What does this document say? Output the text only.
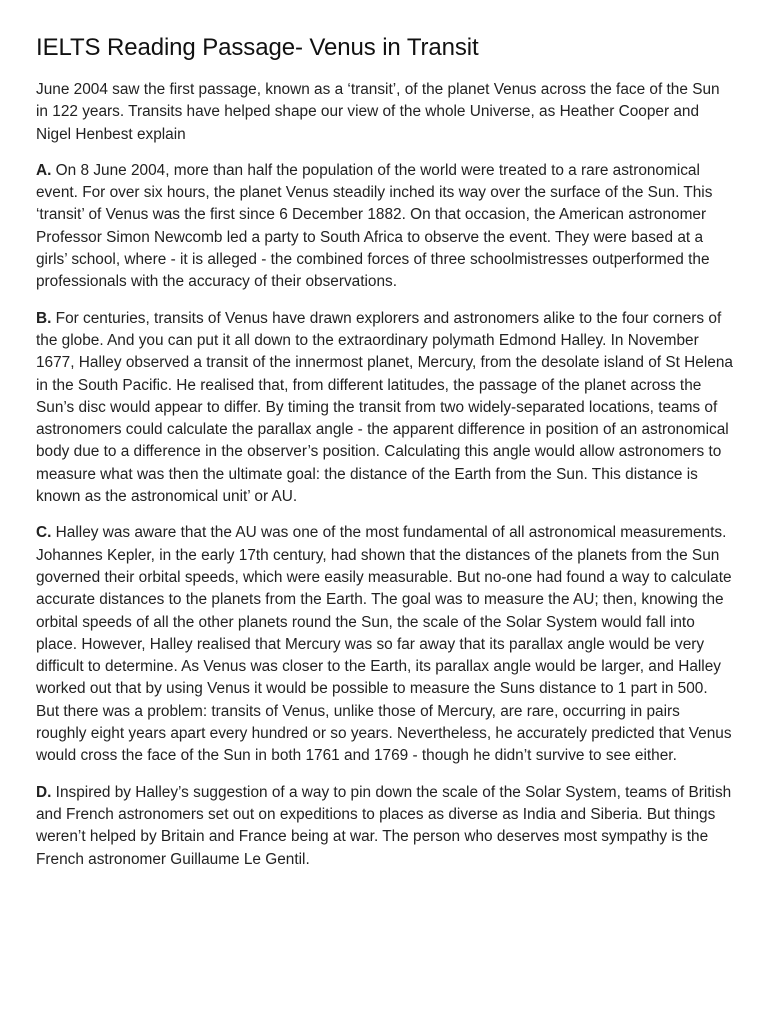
IELTS Reading Passage- Venus in Transit

June 2004 saw the first passage, known as a ‘transit’, of the planet Venus across the face of the Sun in 122 years. Transits have helped shape our view of the whole Universe, as Heather Cooper and Nigel Henbest explain

A. On 8 June 2004, more than half the population of the world were treated to a rare astronomical event. For over six hours, the planet Venus steadily inched its way over the surface of the Sun. This ‘transit’ of Venus was the first since 6 December 1882. On that occasion, the American astronomer Professor Simon Newcomb led a party to South Africa to observe the event. They were based at a girls’ school, where - it is alleged - the combined forces of three schoolmistresses outperformed the professionals with the accuracy of their observations.

B. For centuries, transits of Venus have drawn explorers and astronomers alike to the four corners of the globe. And you can put it all down to the extraordinary polymath Edmond Halley. In November 1677, Halley observed a transit of the innermost planet, Mercury, from the desolate island of St Helena in the South Pacific. He realised that, from different latitudes, the passage of the planet across the Sun’s disc would appear to differ. By timing the transit from two widely-separated locations, teams of astronomers could calculate the parallax angle - the apparent difference in position of an astronomical body due to a difference in the observer’s position. Calculating this angle would allow astronomers to measure what was then the ultimate goal: the distance of the Earth from the Sun. This distance is known as the astronomical unit’ or AU.

C. Halley was aware that the AU was one of the most fundamental of all astronomical measurements. Johannes Kepler, in the early 17th century, had shown that the distances of the planets from the Sun governed their orbital speeds, which were easily measurable. But no-one had found a way to calculate accurate distances to the planets from the Earth. The goal was to measure the AU; then, knowing the orbital speeds of all the other planets round the Sun, the scale of the Solar System would fall into place. However, Halley realised that Mercury was so far away that its parallax angle would be very difficult to determine. As Venus was closer to the Earth, its parallax angle would be larger, and Halley worked out that by using Venus it would be possible to measure the Suns distance to 1 part in 500. But there was a problem: transits of Venus, unlike those of Mercury, are rare, occurring in pairs roughly eight years apart every hundred or so years. Nevertheless, he accurately predicted that Venus would cross the face of the Sun in both 1761 and 1769 - though he didn’t survive to see either.

D. Inspired by Halley’s suggestion of a way to pin down the scale of the Solar System, teams of British and French astronomers set out on expeditions to places as diverse as India and Siberia. But things weren’t helped by Britain and France being at war. The person who deserves most sympathy is the French astronomer Guillaume Le Gentil.
